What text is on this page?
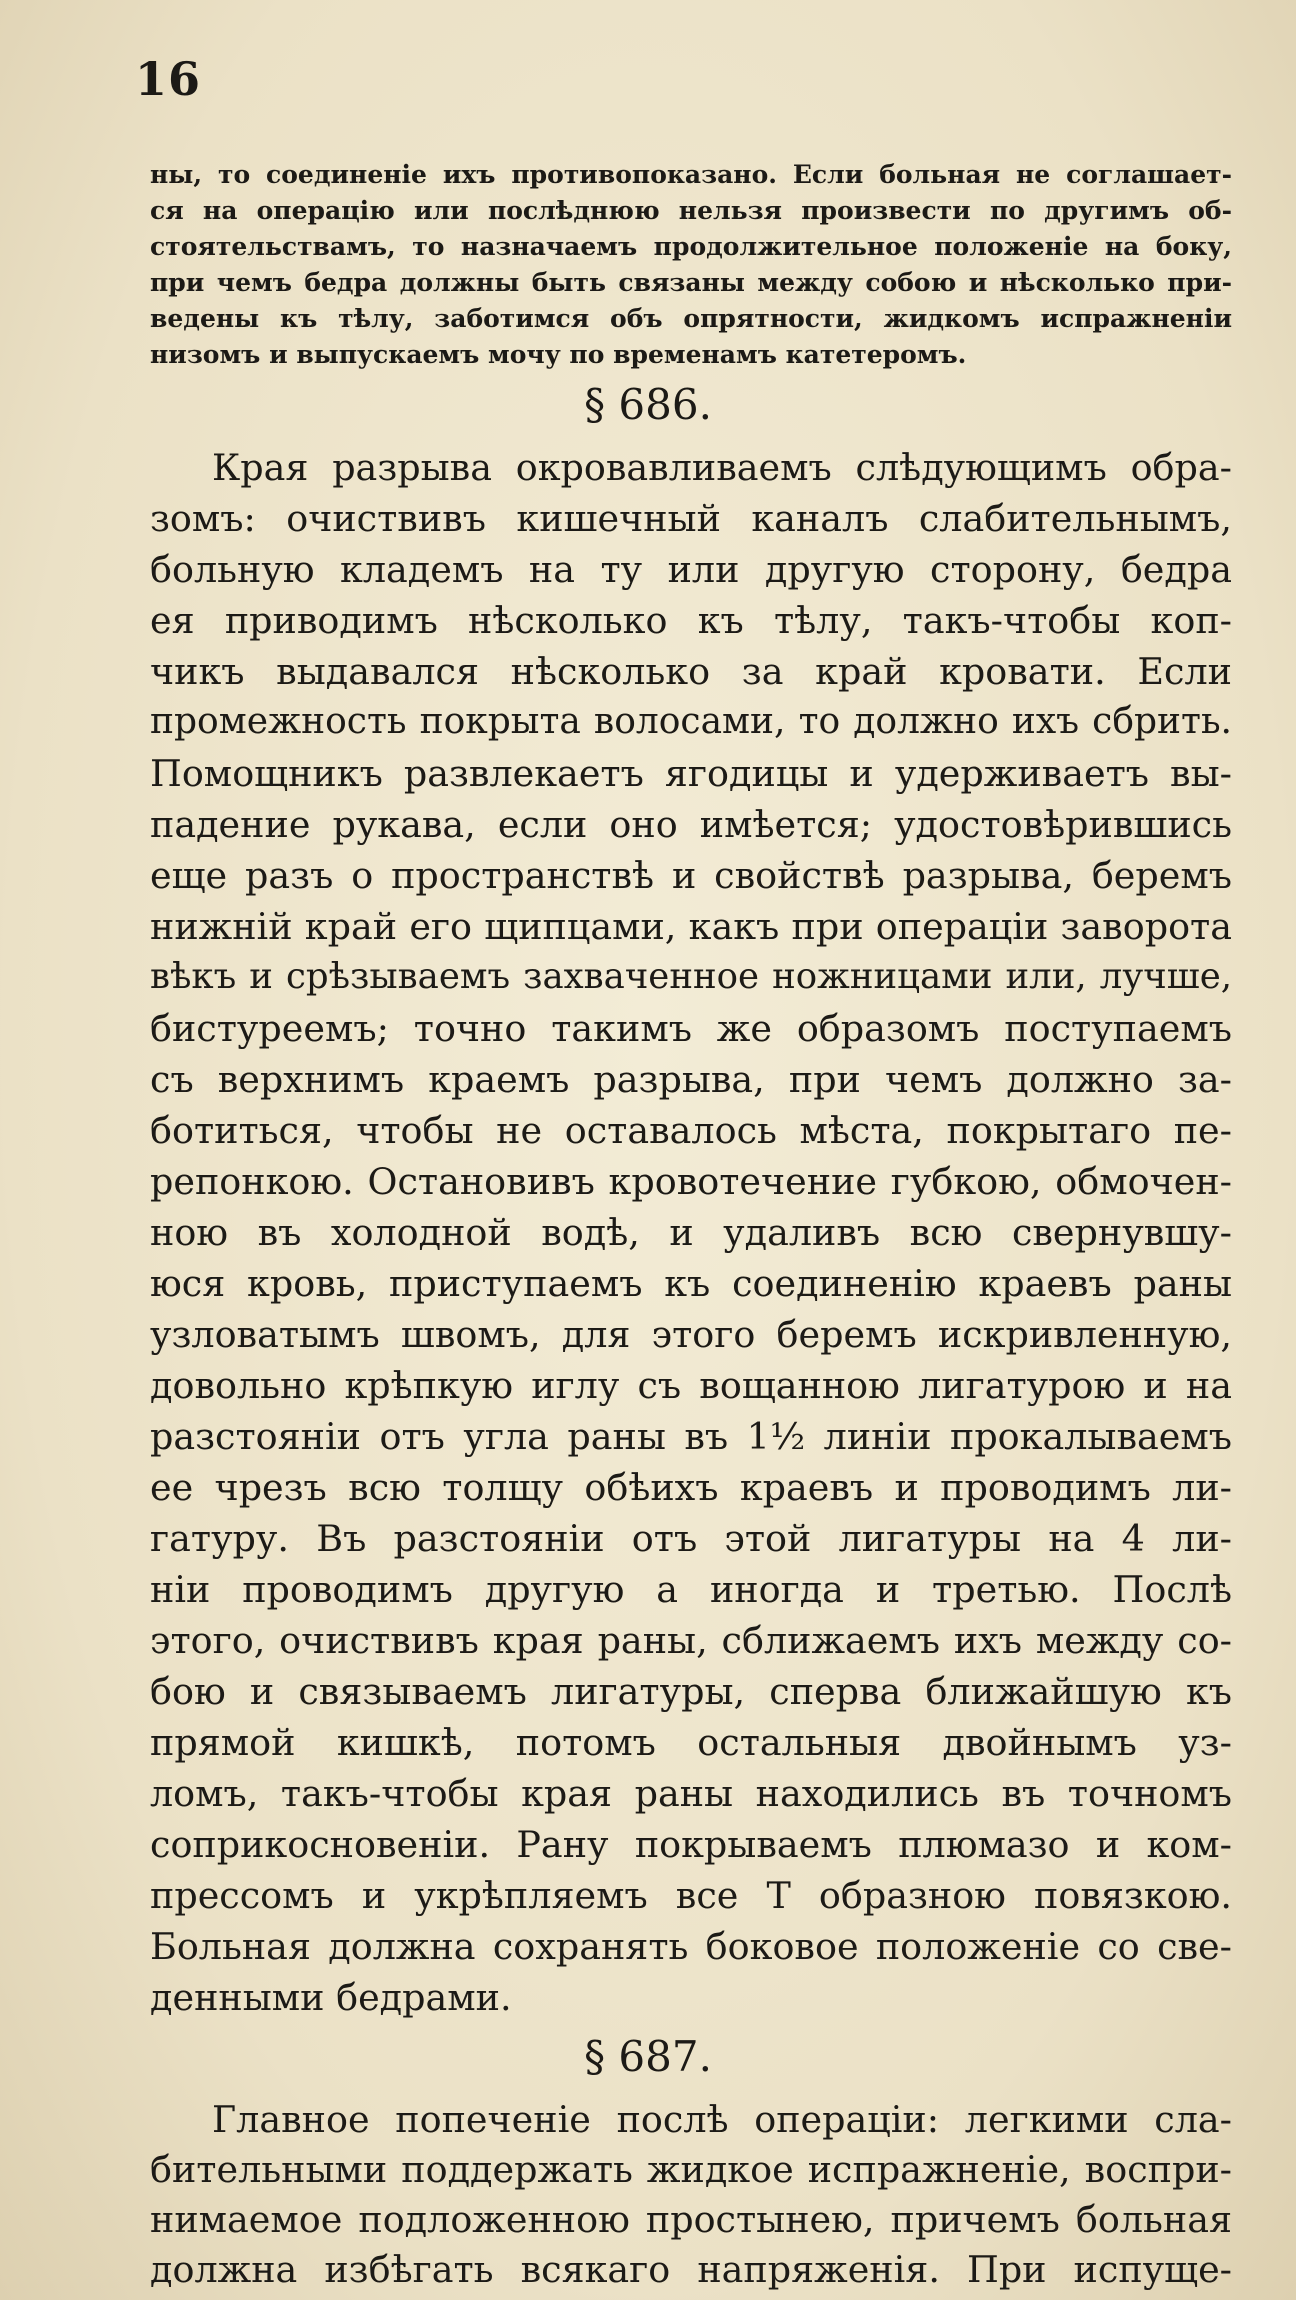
16
ны, то соединеніе ихъ противопоказано. Если больная не соглашает-
ся на операцію или послѣднюю нельзя произвести по другимъ об-
стоятельствамъ, то назначаемъ продолжительное положеніе на боку,
при чемъ бедра должны быть связаны между собою и нѣсколько при-
ведены къ тѣлу, заботимся объ опрятности, жидкомъ испражненіи
низомъ и выпускаемъ мочу по временамъ катетеромъ.
§ 686.
Края разрыва окровавливаемъ слѣдующимъ обра-
зомъ: очиствивъ кишечный каналъ слабительнымъ,
больную кладемъ на ту или другую сторону, бедра
ея приводимъ нѣсколько къ тѣлу, такъ-чтобы коп-
чикъ выдавался нѣсколько за край кровати. Если
промежность покрыта волосами, то должно ихъ сбрить.
Помощникъ развлекаетъ ягодицы и удерживаетъ вы-
падение рукава, если оно имѣется; удостовѣрившись
еще разъ о пространствѣ и свойствѣ разрыва, беремъ
нижній край его щипцами, какъ при операціи заворота
вѣкъ и срѣзываемъ захваченное ножницами или, лучше,
бистуреемъ; точно такимъ же образомъ поступаемъ
съ верхнимъ краемъ разрыва, при чемъ должно за-
ботиться, чтобы не оставалось мѣста, покрытаго пе-
репонкою. Остановивъ кровотечение губкою, обмочен-
ною въ холодной водѣ, и удаливъ всю свернувшу-
юся кровь, приступаемъ къ соединенію краевъ раны
узловатымъ швомъ, для этого беремъ искривленную,
довольно крѣпкую иглу съ вощанною лигатурою и на
разстояніи отъ угла раны въ 1½ линіи прокалываемъ
ее чрезъ всю толщу обѣихъ краевъ и проводимъ ли-
гатуру. Въ разстояніи отъ этой лигатуры на 4 ли-
ніи проводимъ другую а иногда и третью. Послѣ
этого, очиствивъ края раны, сближаемъ ихъ между со-
бою и связываемъ лигатуры, сперва ближайшую къ
прямой кишкѣ, потомъ остальныя двойнымъ уз-
ломъ, такъ-чтобы края раны находились въ точномъ
соприкосновеніи. Рану покрываемъ плюмазо и ком-
прессомъ и укрѣпляемъ все Т образною повязкою.
Больная должна сохранять боковое положеніе со све-
денными бедрами.
§ 687.
Главное попеченіе послѣ операціи: легкими сла-
бительными поддержать жидкое испражненіе, воспри-
нимаемое подложенною простынею, причемъ больная
должна избѣгать всякаго напряженія. При испуще-
